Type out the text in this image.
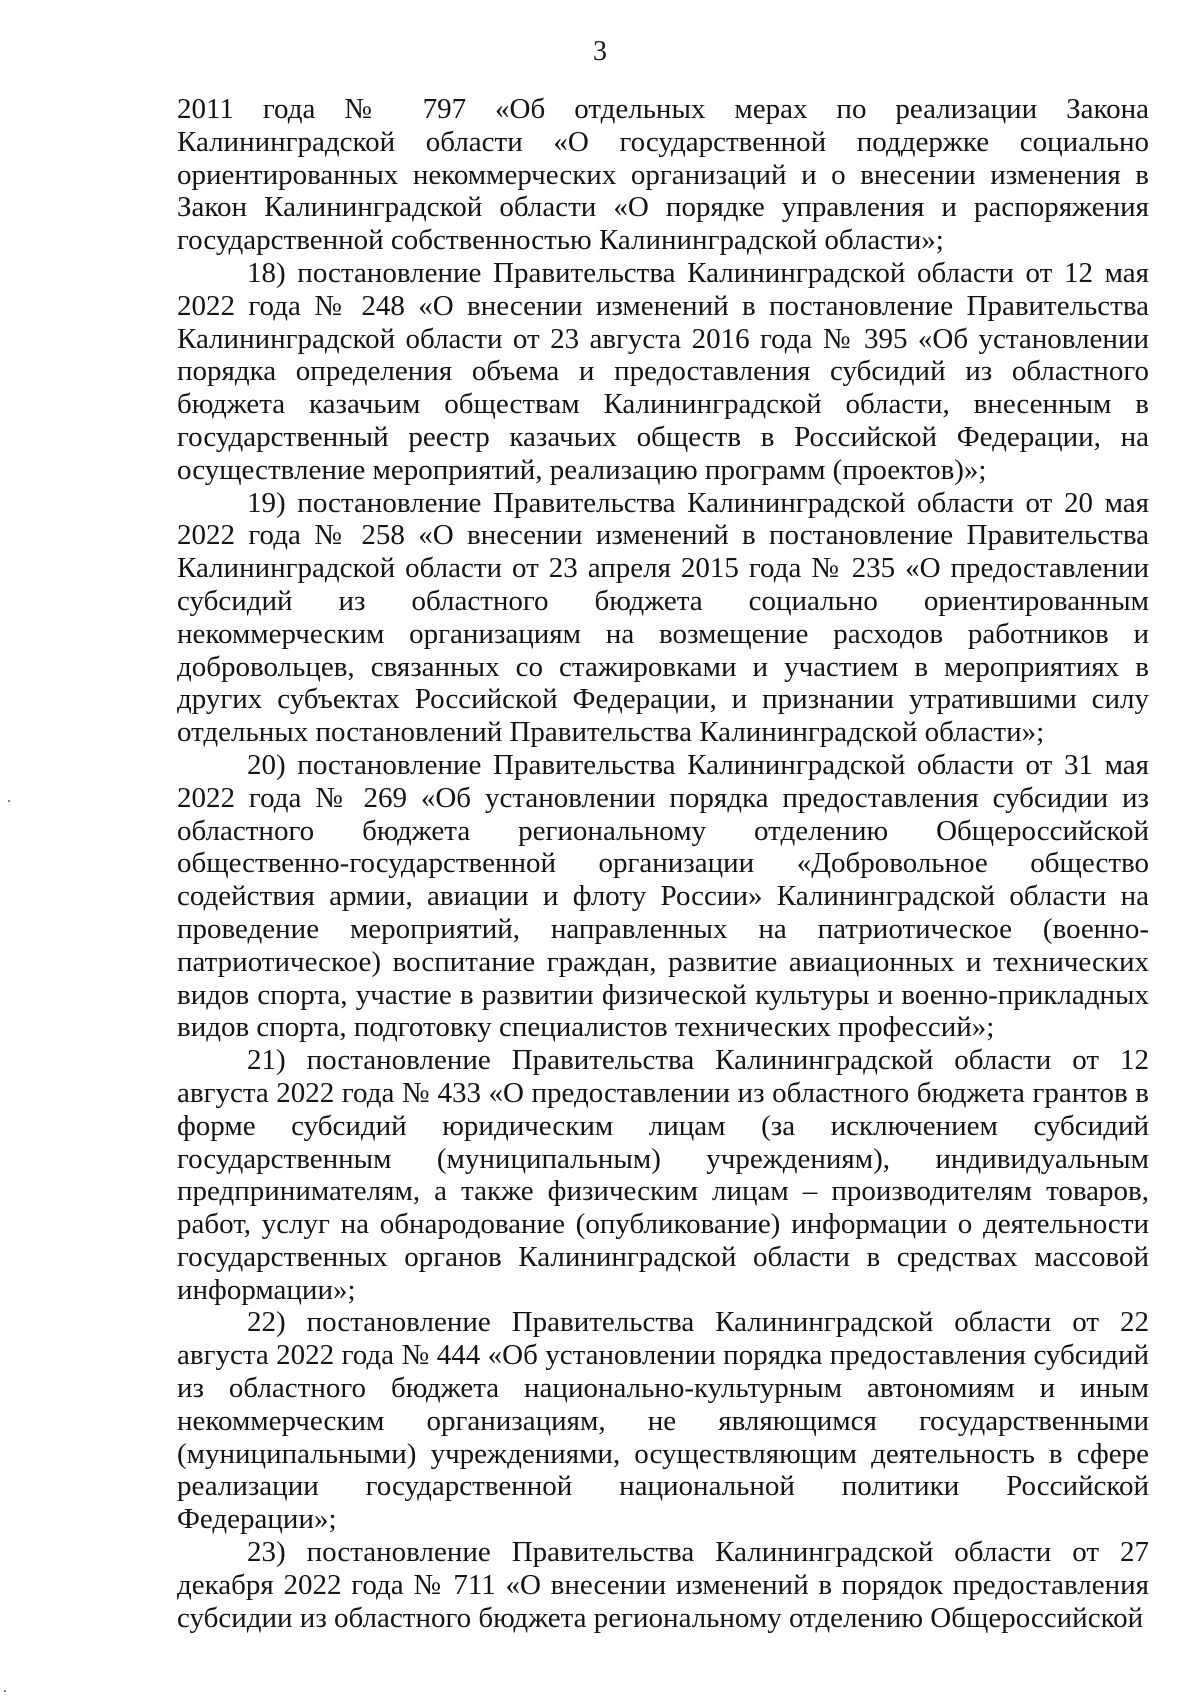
3

2011 года № 797 «Об отдельных мерах по реализации Закона Калининградской области «О государственной поддержке социально ориентированных некоммерческих организаций и о внесении изменения в Закон Калининградской области «О порядке управления и распоряжения государственной собственностью Калининградской области»;

18) постановление Правительства Калининградской области от 12 мая 2022 года № 248 «О внесении изменений в постановление Правительства Калининградской области от 23 августа 2016 года № 395 «Об установлении порядка определения объема и предоставления субсидий из областного бюджета казачьим обществам Калининградской области, внесенным в государственный реестр казачьих обществ в Российской Федерации, на осуществление мероприятий, реализацию программ (проектов)»;

19) постановление Правительства Калининградской области от 20 мая 2022 года № 258 «О внесении изменений в постановление Правительства Калининградской области от 23 апреля 2015 года № 235 «О предоставлении субсидий из областного бюджета социально ориентированным некоммерческим организациям на возмещение расходов работников и добровольцев, связанных со стажировками и участием в мероприятиях в других субъектах Российской Федерации, и признании утратившими силу отдельных постановлений Правительства Калининградской области»;

20) постановление Правительства Калининградской области от 31 мая 2022 года № 269 «Об установлении порядка предоставления субсидии из областного бюджета региональному отделению Общероссийской общественно-государственной организации «Добровольное общество содействия армии, авиации и флоту России» Калининградской области на проведение мероприятий, направленных на патриотическое (военно-патриотическое) воспитание граждан, развитие авиационных и технических видов спорта, участие в развитии физической культуры и военно-прикладных видов спорта, подготовку специалистов технических профессий»;

21) постановление Правительства Калининградской области от 12 августа 2022 года № 433 «О предоставлении из областного бюджета грантов в форме субсидий юридическим лицам (за исключением субсидий государственным (муниципальным) учреждениям), индивидуальным предпринимателям, а также физическим лицам – производителям товаров, работ, услуг на обнародование (опубликование) информации о деятельности государственных органов Калининградской области в средствах массовой информации»;

22) постановление Правительства Калининградской области от 22 августа 2022 года № 444 «Об установлении порядка предоставления субсидий из областного бюджета национально-культурным автономиям и иным некоммерческим организациям, не являющимся государственными (муниципальными) учреждениями, осуществляющим деятельность в сфере реализации государственной национальной политики Российской Федерации»;

23) постановление Правительства Калининградской области от 27 декабря 2022 года № 711 «О внесении изменений в порядок предоставления субсидии из областного бюджета региональному отделению Общероссийской
